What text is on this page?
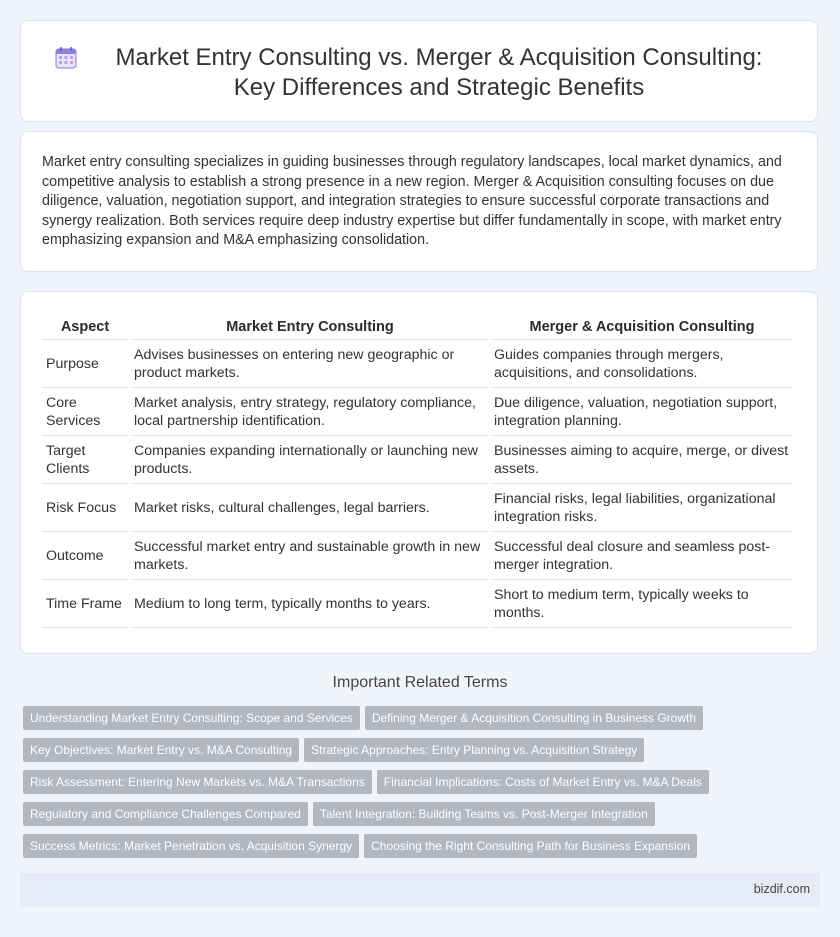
Market Entry Consulting vs. Merger & Acquisition Consulting: Key Differences and Strategic Benefits

Market entry consulting specializes in guiding businesses through regulatory landscapes, local market dynamics, and competitive analysis to establish a strong presence in a new region. Merger & Acquisition consulting focuses on due diligence, valuation, negotiation support, and integration strategies to ensure successful corporate transactions and synergy realization. Both services require deep industry expertise but differ fundamentally in scope, with market entry emphasizing expansion and M&A emphasizing consolidation.

Aspect	Market Entry Consulting	Merger & Acquisition Consulting
Purpose	Advises businesses on entering new geographic or product markets.	Guides companies through mergers, acquisitions, and consolidations.
Core Services	Market analysis, entry strategy, regulatory compliance, local partnership identification.	Due diligence, valuation, negotiation support, integration planning.
Target Clients	Companies expanding internationally or launching new products.	Businesses aiming to acquire, merge, or divest assets.
Risk Focus	Market risks, cultural challenges, legal barriers.	Financial risks, legal liabilities, organizational integration risks.
Outcome	Successful market entry and sustainable growth in new markets.	Successful deal closure and seamless post-merger integration.
Time Frame	Medium to long term, typically months to years.	Short to medium term, typically weeks to months.
Important Related Terms
Understanding Market Entry Consulting: Scope and Services Defining Merger & Acquisition Consulting in Business Growth
Key Objectives: Market Entry vs. M&A Consulting Strategic Approaches: Entry Planning vs. Acquisition Strategy
Risk Assessment: Entering New Markets vs. M&A Transactions Financial Implications: Costs of Market Entry vs. M&A Deals
Regulatory and Compliance Challenges Compared Talent Integration: Building Teams vs. Post-Merger Integration
Success Metrics: Market Penetration vs. Acquisition Synergy Choosing the Right Consulting Path for Business Expansion
bizdif.com
